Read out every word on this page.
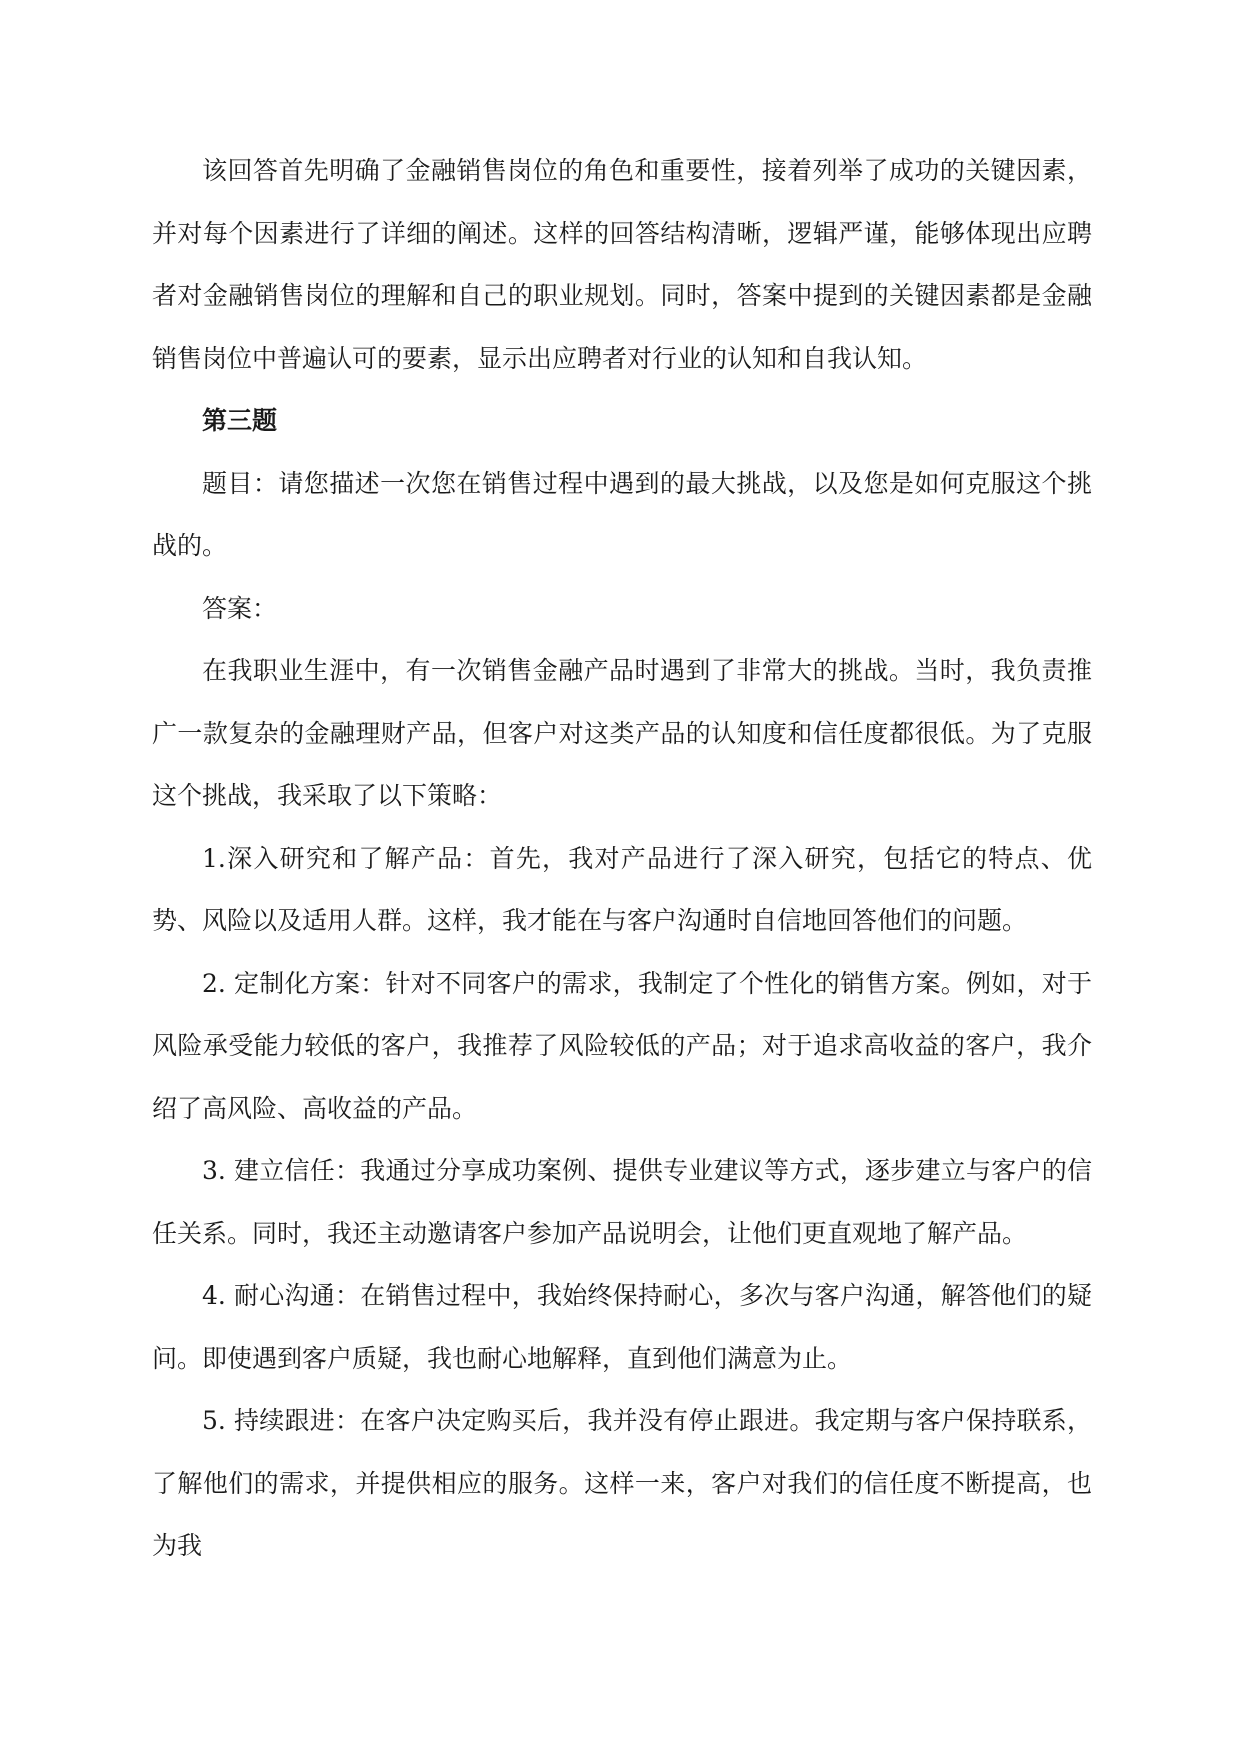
该回答首先明确了金融销售岗位的角色和重要性，接着列举了成功的关键因素，并对每个因素进行了详细的阐述。这样的回答结构清晰，逻辑严谨，能够体现出应聘者对金融销售岗位的理解和自己的职业规划。同时，答案中提到的关键因素都是金融销售岗位中普遍认可的要素，显示出应聘者对行业的认知和自我认知。

第三题

题目：请您描述一次您在销售过程中遇到的最大挑战，以及您是如何克服这个挑战的。

答案：

在我职业生涯中，有一次销售金融产品时遇到了非常大的挑战。当时，我负责推广一款复杂的金融理财产品，但客户对这类产品的认知度和信任度都很低。为了克服这个挑战，我采取了以下策略：

1.深入研究和了解产品：首先，我对产品进行了深入研究，包括它的特点、优势、风险以及适用人群。这样，我才能在与客户沟通时自信地回答他们的问题。

2. 定制化方案：针对不同客户的需求，我制定了个性化的销售方案。例如，对于风险承受能力较低的客户，我推荐了风险较低的产品；对于追求高收益的客户，我介绍了高风险、高收益的产品。

3. 建立信任：我通过分享成功案例、提供专业建议等方式，逐步建立与客户的信任关系。同时，我还主动邀请客户参加产品说明会，让他们更直观地了解产品。

4. 耐心沟通：在销售过程中，我始终保持耐心，多次与客户沟通，解答他们的疑问。即使遇到客户质疑，我也耐心地解释，直到他们满意为止。

5. 持续跟进：在客户决定购买后，我并没有停止跟进。我定期与客户保持联系，了解他们的需求，并提供相应的服务。这样一来，客户对我们的信任度不断提高，也为我
